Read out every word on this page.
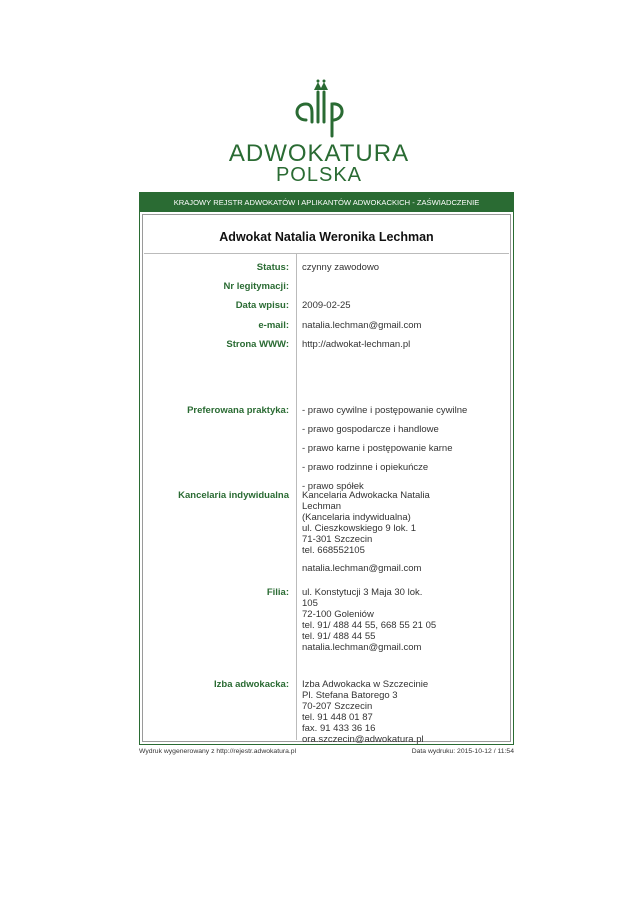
ADWOKATURA
POLSKA
KRAJOWY REJSTR ADWOKATÓW I APLIKANTÓW ADWOKACKICH - ZAŚWIADCZENIE
Adwokat Natalia Weronika Lechman
Status: czynny zawodowo
Nr legitymacji:
Data wpisu: 2009-02-25
e-mail: natalia.lechman@gmail.com
Strona WWW: http://adwokat-lechman.pl
Preferowana praktyka: - prawo cywilne i postępowanie cywilne
- prawo gospodarcze i handlowe
- prawo karne i postępowanie karne
- prawo rodzinne i opiekuńcze
- prawo spółek
Kancelaria indywidualna Kancelaria Adwokacka Natalia
Lechman
(Kancelaria indywidualna)
ul. Cieszkowskiego 9 lok. 1
71-301 Szczecin
tel. 668552105
natalia.lechman@gmail.com
Filia: ul. Konstytucji 3 Maja 30 lok.
105
72-100 Goleniów
tel. 91/ 488 44 55, 668 55 21 05
tel. 91/ 488 44 55
natalia.lechman@gmail.com
Izba adwokacka: Izba Adwokacka w Szczecinie
Pl. Stefana Batorego 3
70-207 Szczecin
tel. 91 448 01 87
fax. 91 433 36 16
ora.szczecin@adwokatura.pl
Wydruk wygenerowany z http://rejestr.adwokatura.pl	Data wydruku: 2015-10-12 / 11:54
